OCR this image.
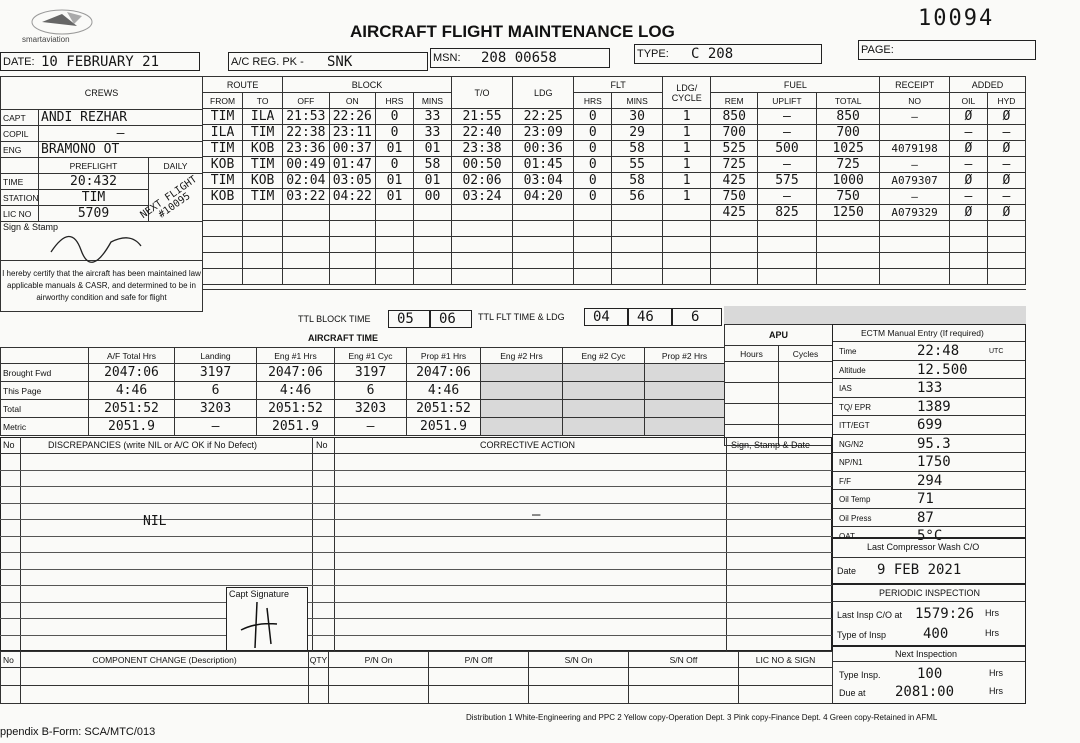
smartaviation	AIRCRAFT FLIGHT MAINTENANCE LOG
10094
DATE: 10 FEBRUARY 21	A/C REG. PK - SNK	MSN: 208 00658	TYPE: C 208	PAGE:
CREWS		
CAPT	ANDI REZHAR	
COPIL	—	
ENG	BRAMONO OT	
	PREFLIGHT	DAILY
TIME	20:432	NEXT FLIGHT #10095

STATION	TIM	
LIC NO	5709	
Sign & Stamp		

I hereby certify that the aircraft has been maintained law applicable manuals & CASR, and determined to be in airworthy condition and safe for flight		
ROUTE		BLOCK				T/O	LDG	FLT		LDG/ CYCLE	FUEL			RECEIPT	ADDED	
FROM	TO	OFF	ON	HRS	MINS			HRS	MINS		REM	UPLIFT	TOTAL	NO	OIL	HYD
TIM	ILA	21:53	22:26	0	33	21:55	22:25	0	30	1	850	—	850	—	Ø	Ø
ILA	TIM	22:38	23:11	0	33	22:40	23:09	0	29	1	700	—	700		—	—
TIM	KOB	23:36	00:37	01	01	23:38	00:36	0	58	1	525	500	1025	4079198	Ø	Ø
KOB	TIM	00:49	01:47	0	58	00:50	01:45	0	55	1	725	—	725	—	—	—
TIM	KOB	02:04	03:05	01	01	02:06	03:04	0	58	1	425	575	1000	A079307	Ø	Ø
KOB	TIM	03:22	04:22	01	00	03:24	04:20	0	56	1	750	—	750	—	—	—
											425	825	1250	A079329	Ø	Ø

TTL BLOCK TIME 05 06 TTL FLT TIME & LDG 04 46	6
AIRCRAFT TIME
	A/F Total Hrs	Landing	Eng #1 Hrs	Eng #1 Cyc	Prop #1 Hrs	Eng #2 Hrs	Eng #2 Cyc	Prop #2 Hrs
Brought Fwd	2047:06	3197	2047:06	3197	2047:06			
This Page	4:46	6	4:46	6	4:46			
Total	2051:52	3203	2051:52	3203	2051:52			
Metric	2051.9	—	2051.9	—	2051.9			
APU	
Hours	Cycles

ECTM Manual Entry (If required)
Time	22:48	UTC
Altitude	12.500
IAS	133
TQ/ EPR	1389
ITT/EGT	699
NG/N2	95.3
NP/N1	1750
F/F	294
Oil Temp	71
Oil Press	87
OAT	5°C
No	DISCREPANCIES (write NIL or A/C OK if No Defect)	No	CORRECTIVE ACTION	Sign, Stamp & Date
NIL	—
Capt Signature
Last Compressor Wash C/O
Date 9 FEB 2021
PERIODIC INSPECTION
Last Insp C/O at 1579:26 Hrs
Type of Insp	400	Hrs
Next Inspection
Type Insp.	100	Hrs
Due at 2081:00	Hrs
No	COMPONENT CHANGE (Description)	QTY	P/N On	P/N Off	S/N On	S/N Off	LIC NO & SIGN

ppendix B-Form: SCA/MTC/013
Distribution 1 White-Engineering and PPC 2 Yellow copy-Operation Dept. 3 Pink copy-Finance Dept. 4 Green copy-Retained in AFML
